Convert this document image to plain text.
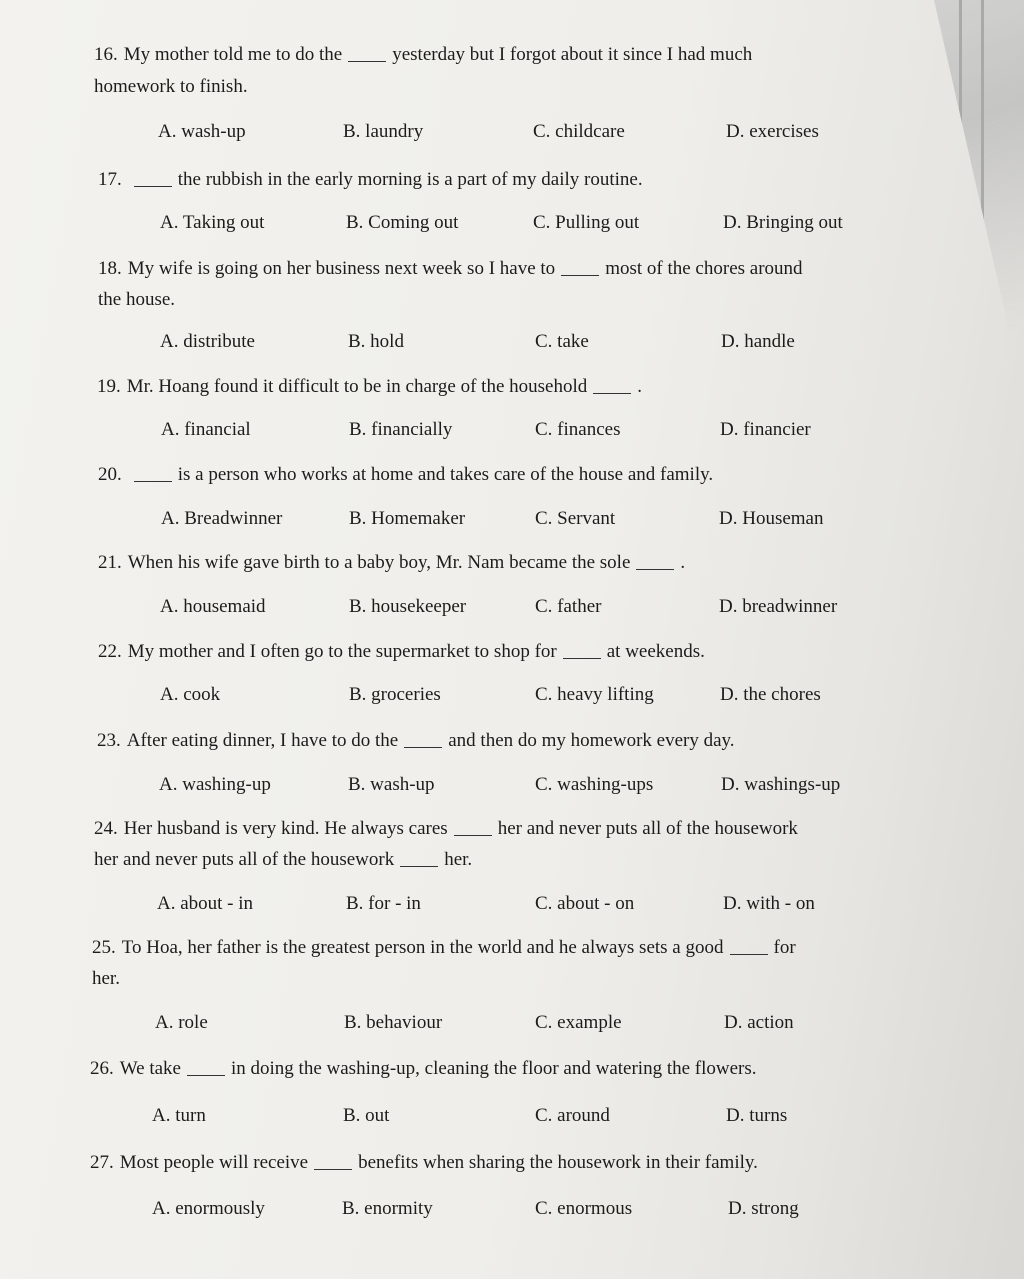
16. My mother told me to do the	yesterday but I forgot about it since I had much
homework to finish.
A. wash-up	B. laundry	C. childcare	D. exercises
17.	the rubbish in the early morning is a part of my daily routine.
A. Taking out	B. Coming out	C. Pulling out	D. Bringing out
18. My wife is going on her business next week so I have to	most of the chores around
the house.
A. distribute	B. hold	C. take	D. handle
19. Mr. Hoang found it difficult to be in charge of the household	.
A. financial	B. financially	C. finances	D. financier
20.	is a person who works at home and takes care of the house and family.
A. Breadwinner	B. Homemaker	C. Servant	D. Houseman
21. When his wife gave birth to a baby boy, Mr. Nam became the sole	.
A. housemaid	B. housekeeper	C. father	D. breadwinner
22. My mother and I often go to the supermarket to shop for	at weekends.
A. cook	B. groceries	C. heavy lifting	D. the chores
23. After eating dinner, I have to do the	and then do my homework every day.
A. washing-up	B. wash-up	C. washing-ups	D. washings-up
24. Her husband is very kind. He always cares	her and never puts all of the housework
her and never puts all of the housework	her.
A. about - in	B. for - in	C. about - on	D. with - on
25. To Hoa, her father is the greatest person in the world and he always sets a good	for
her.
A. role	B. behaviour	C. example	D. action
26. We take	in doing the washing-up, cleaning the floor and watering the flowers.
A. turn	B. out	C. around	D. turns
27. Most people will receive	benefits when sharing the housework in their family.
A. enormously	B. enormity	C. enormous	D. strong
